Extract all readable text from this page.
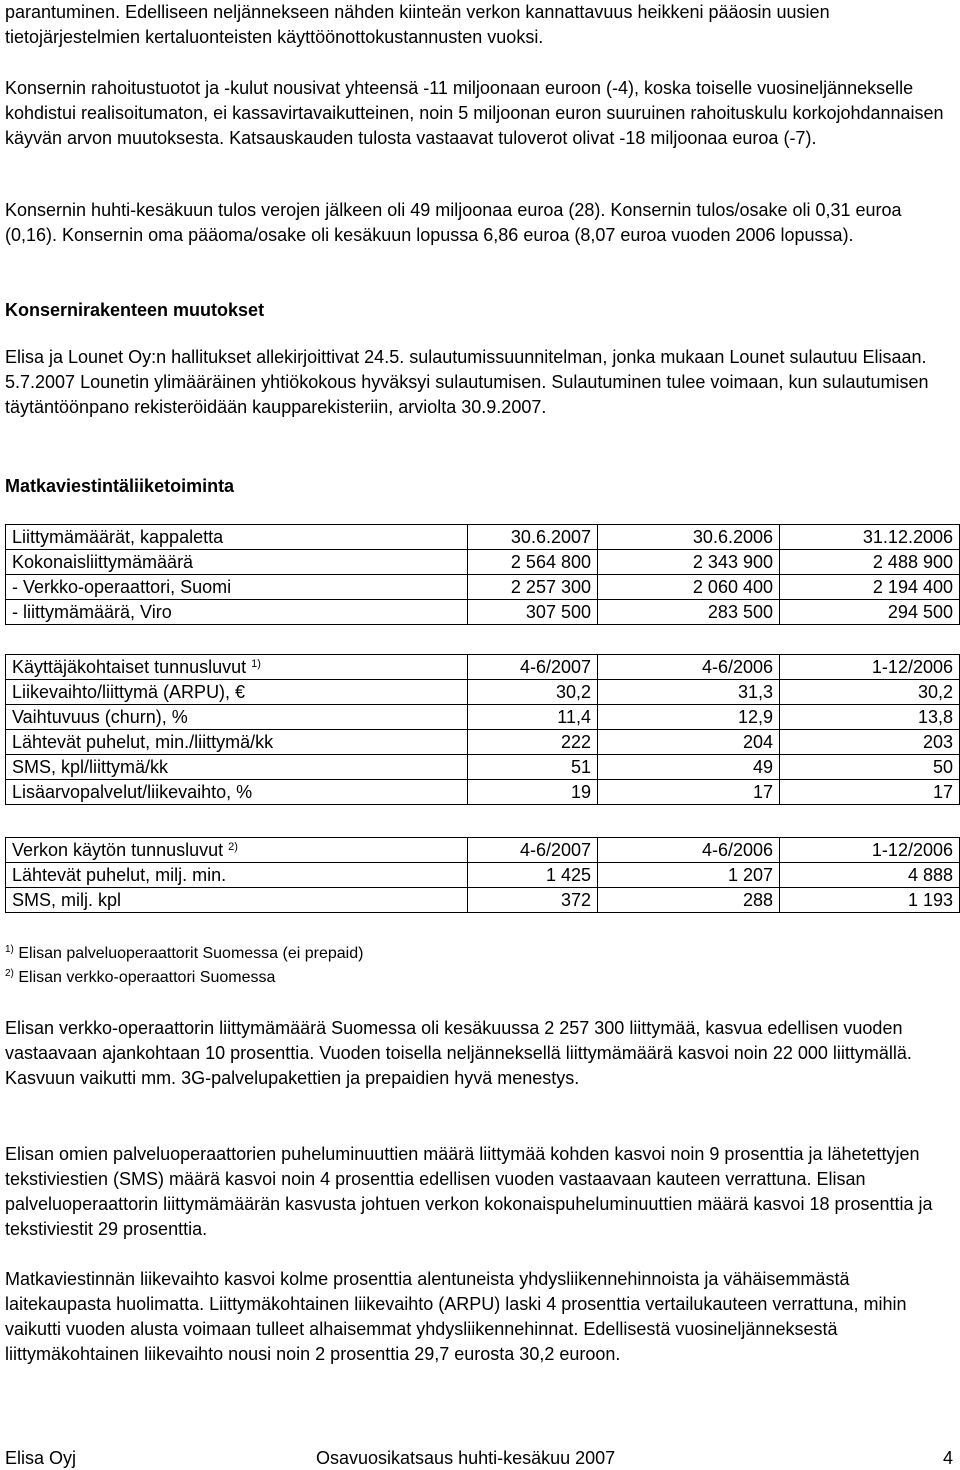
parantuminen. Edelliseen neljännekseen nähden kiinteän verkon kannattavuus heikkeni pääosin uusien tietojärjestelmien kertaluonteisten käyttöönottokustannusten vuoksi.

Konsernin rahoitustuotot ja -kulut nousivat yhteensä -11 miljoonaan euroon (-4), koska toiselle vuosineljännekselle kohdistui realisoitumaton, ei kassavirtavaikutteinen, noin 5 miljoonan euron suuruinen rahoituskulu korkojohdannaisen käyvän arvon muutoksesta. Katsauskauden tulosta vastaavat tuloverot olivat -18 miljoonaa euroa (-7).

Konsernin huhti-kesäkuun tulos verojen jälkeen oli 49 miljoonaa euroa (28). Konsernin tulos/osake oli 0,31 euroa (0,16). Konsernin oma pääoma/osake oli kesäkuun lopussa 6,86 euroa (8,07 euroa vuoden 2006 lopussa).

Konsernirakenteen muutokset

Elisa ja Lounet Oy:n hallitukset allekirjoittivat 24.5. sulautumissuunnitelman, jonka mukaan Lounet sulautuu Elisaan. 5.7.2007 Lounetin ylimääräinen yhtiökokous hyväksyi sulautumisen. Sulautuminen tulee voimaan, kun sulautumisen täytäntöönpano rekisteröidään kaupparekisteriin, arviolta 30.9.2007.

Matkaviestintäliiketoiminta
Liittymämäärät, kappaletta	30.6.2007	30.6.2006	31.12.2006
Kokonaisliittymämäärä	2 564 800	2 343 900	2 488 900
- Verkko-operaattori, Suomi	2 257 300	2 060 400	2 194 400
- liittymämäärä, Viro	307 500	283 500	294 500
Käyttäjäkohtaiset tunnusluvut $^{1)}$	4-6/2007	4-6/2006	1-12/2006
Liikevaihto/liittymä (ARPU), €	30,2	31,3	30,2
Vaihtuvuus (churn), %	11,4	12,9	13,8
Lähtevät puhelut, min./liittymä/kk	222	204	203
SMS, kpl/liittymä/kk	51	49	50
Lisäarvopalvelut/liikevaihto, %	19	17	17
Verkon käytön tunnusluvut $^{2)}$	4-6/2007	4-6/2006	1-12/2006
Lähtevät puhelut, milj. min.	1 425	1 207	4 888
SMS, milj. kpl	372	288	1 193
$^{1)}$ Elisan palveluoperaattorit Suomessa (ei prepaid)
$^{2)}$ Elisan verkko-operaattori Suomessa

Elisan verkko-operaattorin liittymämäärä Suomessa oli kesäkuussa 2 257 300 liittymää, kasvua edellisen vuoden vastaavaan ajankohtaan 10 prosenttia. Vuoden toisella neljänneksellä liittymämäärä kasvoi noin 22 000 liittymällä. Kasvuun vaikutti mm. 3G-palvelupakettien ja prepaidien hyvä menestys.

Elisan omien palveluoperaattorien puheluminuuttien määrä liittymää kohden kasvoi noin 9 prosenttia ja lähetettyjen tekstiviestien (SMS) määrä kasvoi noin 4 prosenttia edellisen vuoden vastaavaan kauteen verrattuna. Elisan palveluoperaattorin liittymämäärän kasvusta johtuen verkon kokonaispuheluminuuttien määrä kasvoi 18 prosenttia ja tekstiviestit 29 prosenttia.

Matkaviestinnän liikevaihto kasvoi kolme prosenttia alentuneista yhdysliikennehinnoista ja vähäisemmästä laitekaupasta huolimatta. Liittymäkohtainen liikevaihto (ARPU) laski 4 prosenttia vertailukauteen verrattuna, mihin vaikutti vuoden alusta voimaan tulleet alhaisemmat yhdysliikennehinnat. Edellisestä vuosineljänneksestä liittymäkohtainen liikevaihto nousi noin 2 prosenttia 29,7 eurosta 30,2 euroon.

Elisa Oyj	Osavuosikatsaus huhti-kesäkuu 2007	4
